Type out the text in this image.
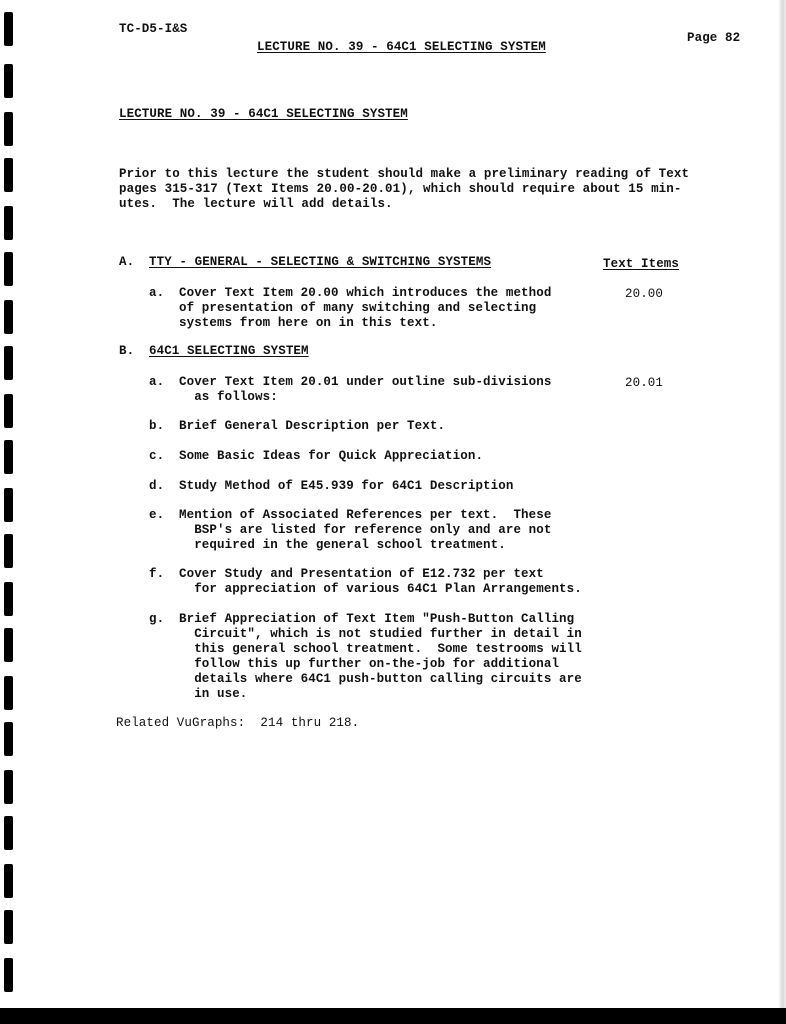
TC-D5-I&S
LECTURE NO. 39 - 64C1 SELECTING SYSTEM
Page 82
LECTURE NO. 39 - 64C1 SELECTING SYSTEM
Prior to this lecture the student should make a preliminary reading of Text
pages 315-317 (Text Items 20.00-20.01), which should require about 15 min-
utes.  The lecture will add details.
A. TTY - GENERAL - SELECTING & SWITCHING SYSTEMS	Text Items
a. Cover Text Item 20.00 which introduces the method
of presentation of many switching and selecting
systems from here on in this text.
20.00
B. 64C1 SELECTING SYSTEM
a. Cover Text Item 20.01 under outline sub-divisions
as follows:
20.01
b. Brief General Description per Text.
c. Some Basic Ideas for Quick Appreciation.
d. Study Method of E45.939 for 64C1 Description
e. Mention of Associated References per text.  These
BSP's are listed for reference only and are not
required in the general school treatment.
f. Cover Study and Presentation of E12.732 per text
for appreciation of various 64C1 Plan Arrangements.
g. Brief Appreciation of Text Item "Push-Button Calling
Circuit", which is not studied further in detail in
this general school treatment.  Some testrooms will
follow this up further on-the-job for additional
details where 64C1 push-button calling circuits are
in use.
Related VuGraphs:  214 thru 218.
